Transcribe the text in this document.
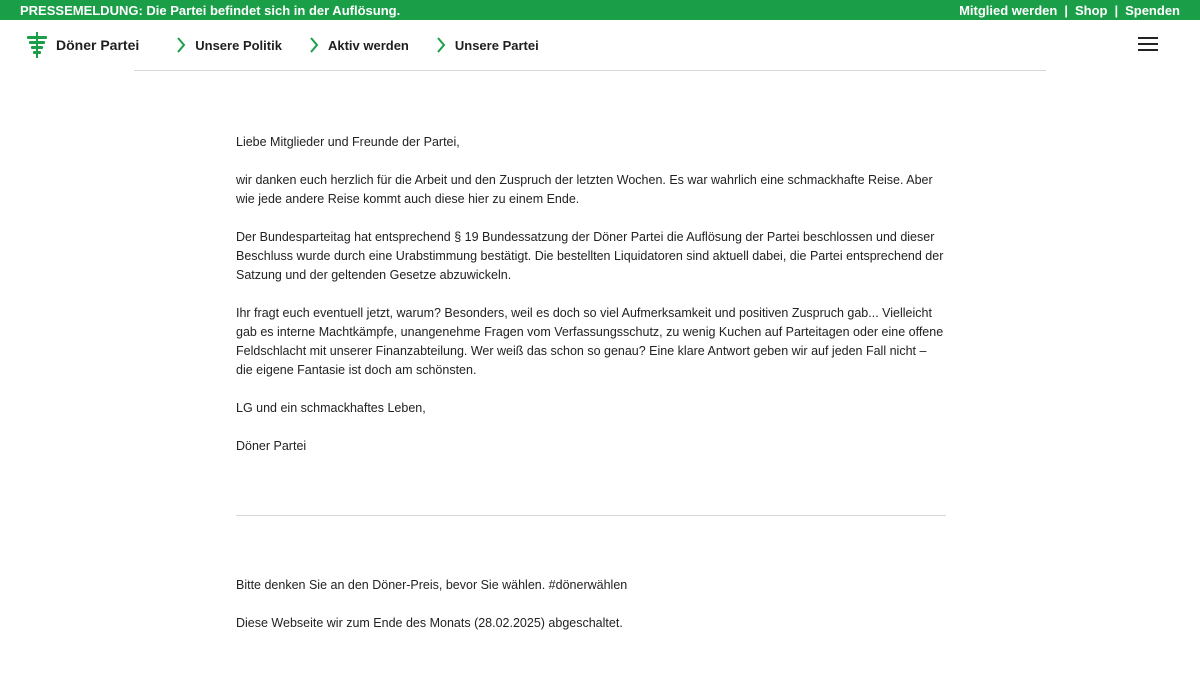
PRESSEMELDUNG: Die Partei befindet sich in der Auflösung.	Mitglied werden | Shop | Spenden
Döner Partei	Unsere Politik	Aktiv werden	Unsere Partei

Liebe Mitglieder und Freunde der Partei,

wir danken euch herzlich für die Arbeit und den Zuspruch der letzten Wochen. Es war wahrlich eine schmackhafte Reise. Aber wie jede andere Reise kommt auch diese hier zu einem Ende.

Der Bundesparteitag hat entsprechend § 19 Bundessatzung der Döner Partei die Auflösung der Partei beschlossen und dieser Beschluss wurde durch eine Urabstimmung bestätigt. Die bestellten Liquidatoren sind aktuell dabei, die Partei entsprechend der Satzung und der geltenden Gesetze abzuwickeln.

Ihr fragt euch eventuell jetzt, warum? Besonders, weil es doch so viel Aufmerksamkeit und positiven Zuspruch gab... Vielleicht gab es interne Machtkämpfe, unangenehme Fragen vom Verfassungsschutz, zu wenig Kuchen auf Parteitagen oder eine offene Feldschlacht mit unserer Finanzabteilung. Wer weiß das schon so genau? Eine klare Antwort geben wir auf jeden Fall nicht – die eigene Fantasie ist doch am schönsten.

LG und ein schmackhaftes Leben,

Döner Partei

Bitte denken Sie an den Döner-Preis, bevor Sie wählen. #dönerwählen

Diese Webseite wir zum Ende des Monats (28.02.2025) abgeschaltet.
